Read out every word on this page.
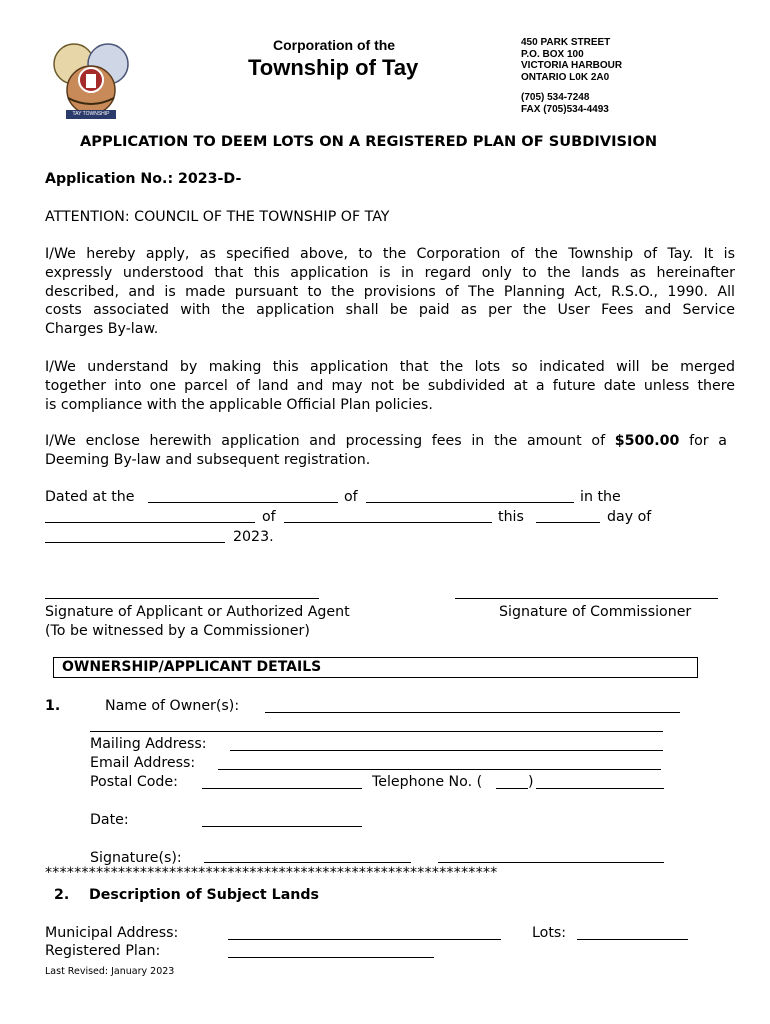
TAY TOWNSHIP
Corporation of the
Township of Tay
450 PARK STREET
P.O. BOX 100
VICTORIA HARBOUR
ONTARIO L0K 2A0
(705) 534-7248
FAX (705)534-4493
APPLICATION TO DEEM LOTS ON A REGISTERED PLAN OF SUBDIVISION
Application No.: 2023-D-
ATTENTION: COUNCIL OF THE TOWNSHIP OF TAY
I/We hereby apply, as specified above, to the Corporation of the Township of Tay. It is
expressly understood that this application is in regard only to the lands as hereinafter
described, and is made pursuant to the provisions of The Planning Act, R.S.O., 1990. All
costs associated with the application shall be paid as per the User Fees and Service
Charges By-law.
I/We understand by making this application that the lots so indicated will be merged
together into one parcel of land and may not be subdivided at a future date unless there
is compliance with the applicable Official Plan policies.
I/We enclose herewith application and processing fees in the amount of $500.00 for a
Deeming By-law and subsequent registration.
Dated at the	of	in the
of	this	day of
2023.
Signature of Applicant or Authorized Agent
(To be witnessed by a Commissioner)
Signature of Commissioner
OWNERSHIP/APPLICANT DETAILS
1.	Name of Owner(s):
Mailing Address:
Email Address:
Postal Code:	Telephone No. (	)
Date:
Signature(s):
**************************************************************
2. Description of Subject Lands
Municipal Address:	Lots:
Registered Plan:
Last Revised: January 2023
